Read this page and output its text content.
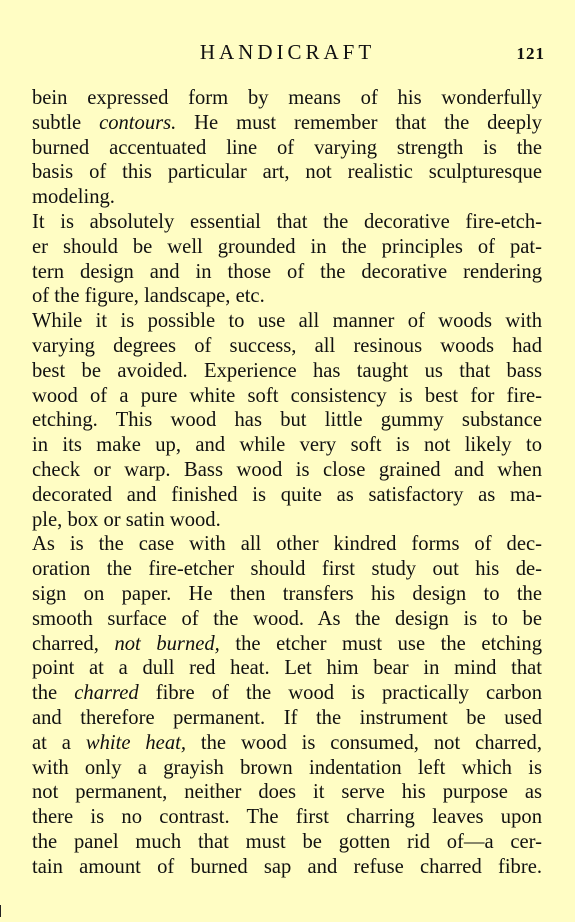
HANDICRAFT	121
bein expressed form by means of his wonderfully
subtle contours. He must remember that the deeply
burned accentuated line of varying strength is the
basis of this particular art, not realistic sculpturesque
modeling.
It is absolutely essential that the decorative fire-etch-
er should be well grounded in the principles of pat-
tern design and in those of the decorative rendering
of the figure, landscape, etc.
While it is possible to use all manner of woods with
varying degrees of success, all resinous woods had
best be avoided. Experience has taught us that bass
wood of a pure white soft consistency is best for fire-
etching. This wood has but little gummy substance
in its make up, and while very soft is not likely to
check or warp. Bass wood is close grained and when
decorated and finished is quite as satisfactory as ma-
ple, box or satin wood.
As is the case with all other kindred forms of dec-
oration the fire-etcher should first study out his de-
sign on paper. He then transfers his design to the
smooth surface of the wood. As the design is to be
charred, not burned, the etcher must use the etching
point at a dull red heat. Let him bear in mind that
the charred fibre of the wood is practically carbon
and therefore permanent. If the instrument be used
at a white heat, the wood is consumed, not charred,
with only a grayish brown indentation left which is
not permanent, neither does it serve his purpose as
there is no contrast. The first charring leaves upon
the panel much that must be gotten rid of—a cer-
tain amount of burned sap and refuse charred fibre.
